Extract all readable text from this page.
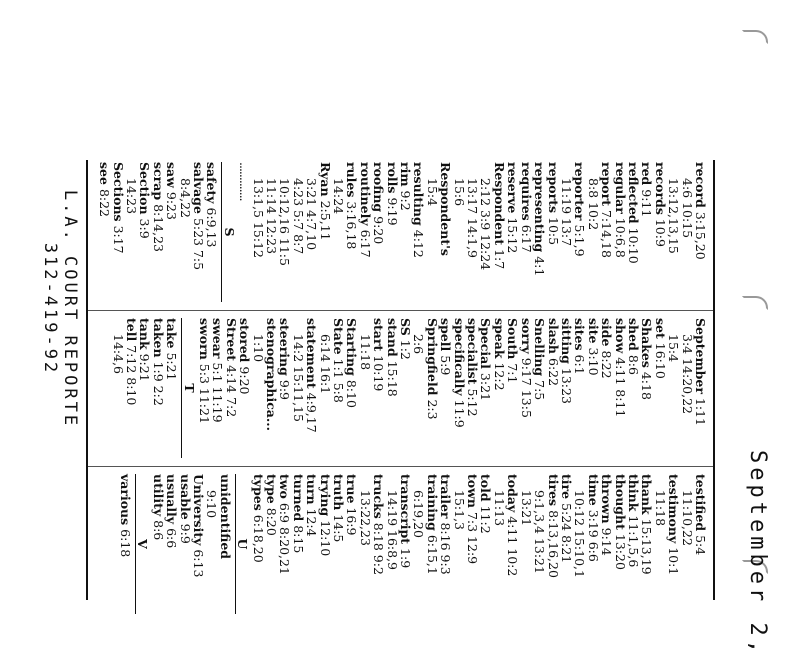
September 2,
record 3:15,20
4:6 10:15
13:12,13,15
records 10:9
red 9:11
reflected 10:10
regular 10:6,8
report 7:14,18
8:8 10:2
reporter 5:1,9
11:19 13:7
reports 10:5
representing 4:1
requires 6:17
reserve 15:12
Respondent 1:7
2:12 3:9 12:24
13:17 14:1,9
15:6
Respondent's
15:4
resulting 4:12
rim 9:2
rolls 9:19
roofing 9:20
routinely 6:17
rules 3:16,18
14:24
Ryan 2:5,11
3:21 4:7,10
4:23 5:7 8:7
10:12,16 11:5
11:14 12:23
13:1,5 15:12
.............
S
safety 6:9,13
salvage 5:23 7:5
8:4,22
saw 9:23
scrap 8:14,23
Section 3:9
14:23
Sections 3:17
see 8:22
September 1:11
3:4 14:20,22
15:4
set 16:10
Shakes 4:18
shed 8:6
show 4:11 8:11
side 8:22
site 3:10
sites 6:1
sitting 13:23
slash 6:22
Snelling 7:5
sorry 9:17 13:5
South 7:1
speak 12:2
Special 3:21
specialist 5:12
specifically 11:9
spell 5:9
Springfield 2:3
2:6
SS 1:2
stand 15:18
start 10:19
11:18
Starting 8:10
State 1:1 5:8
6:14 16:1
statement 4:9,17
14:2 15:11,15
steering 9:9
stenographica...
1:10
stored 9:20
Street 4:14 7:2
swear 5:1 11:19
sworn 5:3 11:21
T
take 5:21
taken 1:9 2:2
tank 9:21
tell 7:12 8:10
14:4,6
testified 5:4
11:10,22
testimony 10:1
11:18
thank 15:13,19
think 11:1,5,6
thought 13:20
thrown 9:14
time 3:19 6:6
10:12 15:10,1
tire 5:24 8:21
tires 8:13,16,20
9:1,3,4 13:21
13:21
today 4:11 10:2
11:13
told 11:2
town 7:3 12:9
15:1,3
trailer 8:16 9:3
training 6:15,1
6:19,20
transcript 1:9
14:19 16:8,9
trucks 8:18 9:2
13:22,23
true 16:9
truth 14:5
trying 12:10
turn 12:4
turned 8:15
two 6:9 8:20,21
type 8:20
types 6:18,20
U
unidentified
9:10
University 6:13
usable 9:9
usually 6:6
utility 8:6
V
various 6:18
L.A. COURT REPORTE
312-419-92
